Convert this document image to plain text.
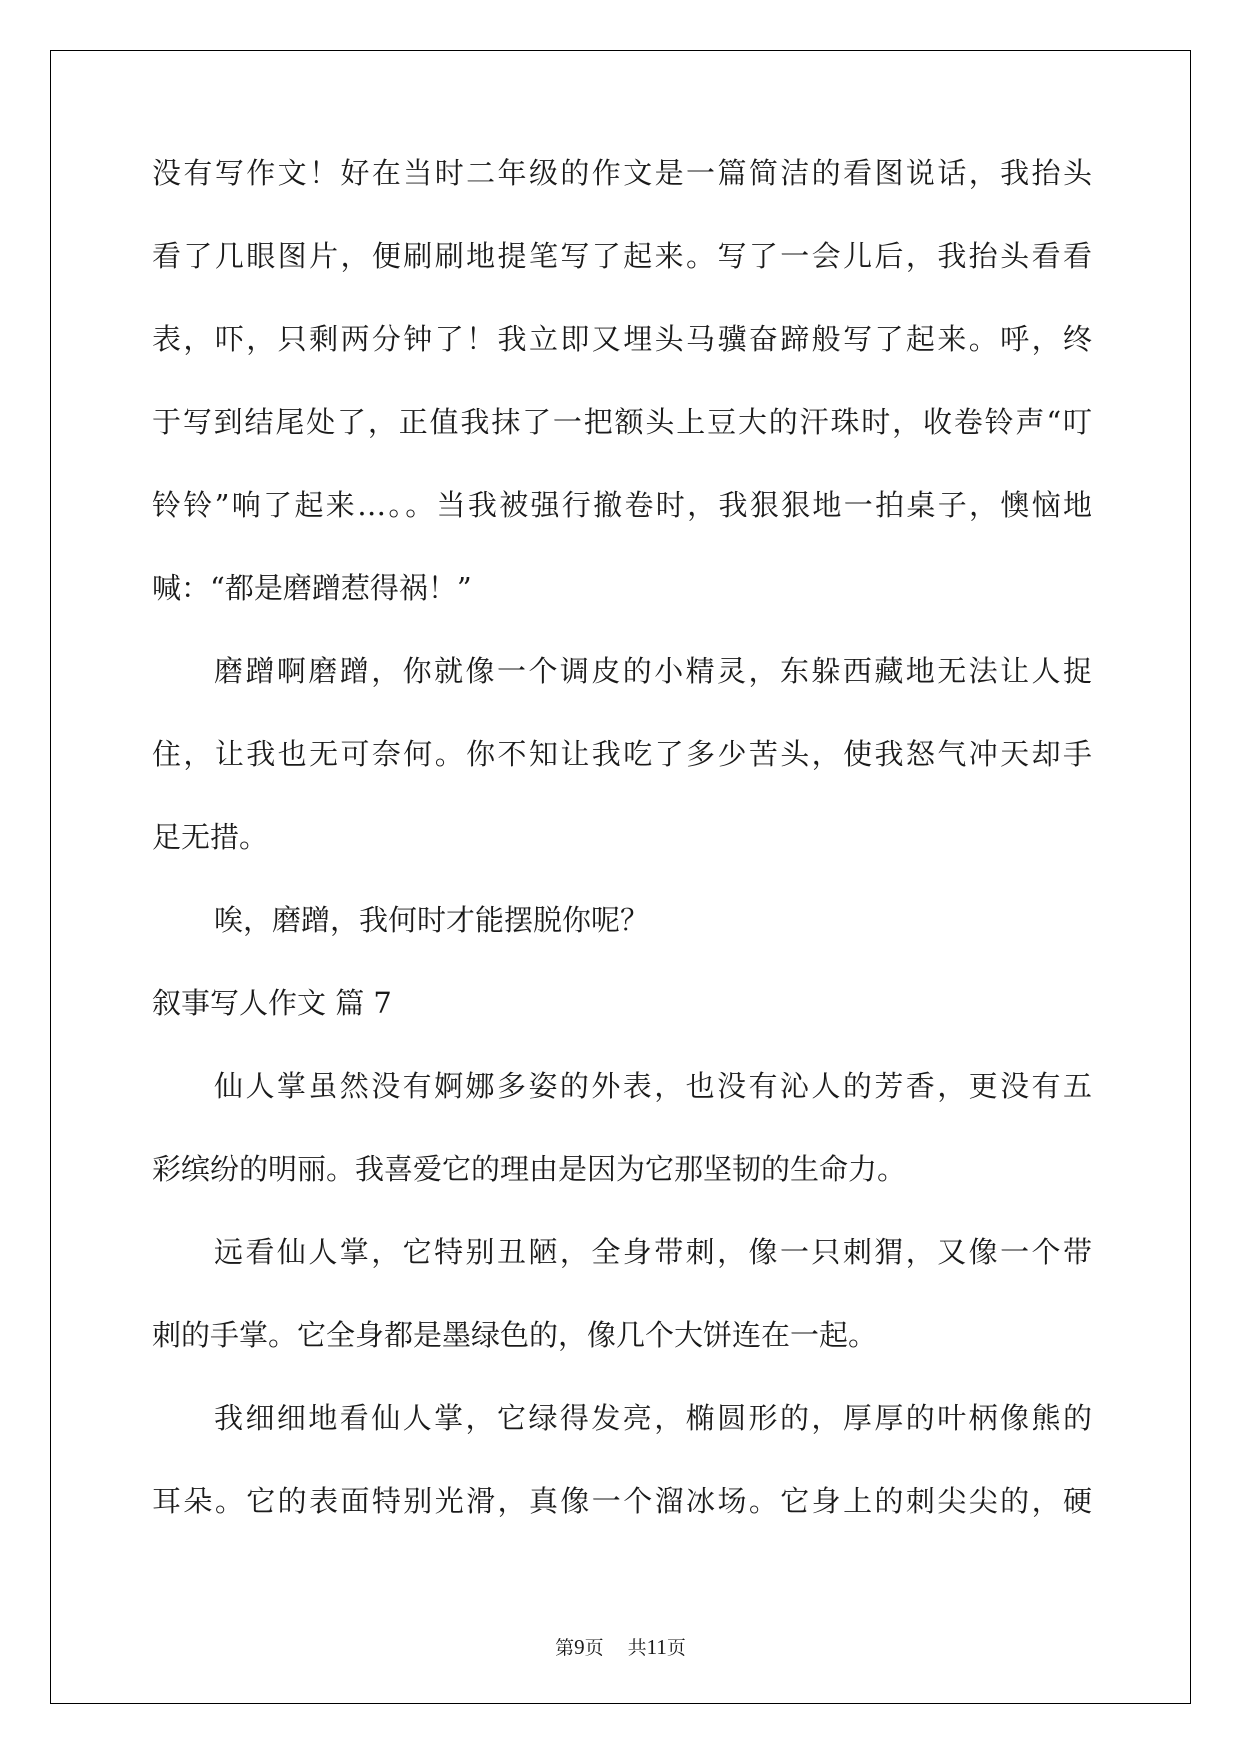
没有写作文！好在当时二年级的作文是一篇简洁的看图说话，我抬头
看了几眼图片，便刷刷地提笔写了起来。写了一会儿后，我抬头看看
表，吓，只剩两分钟了！我立即又埋头马骥奋蹄般写了起来。呼，终
于写到结尾处了，正值我抹了一把额头上豆大的汗珠时，收卷铃声“叮
铃铃”响了起来…。。当我被强行撤卷时，我狠狠地一拍桌子，懊恼地
喊：“都是磨蹭惹得祸！”
磨蹭啊磨蹭，你就像一个调皮的小精灵，东躲西藏地无法让人捉
住，让我也无可奈何。你不知让我吃了多少苦头，使我怒气冲天却手
足无措。
唉，磨蹭，我何时才能摆脱你呢？
叙事写人作文 篇 7
仙人掌虽然没有婀娜多姿的外表，也没有沁人的芳香，更没有五
彩缤纷的明丽。我喜爱它的理由是因为它那坚韧的生命力。
远看仙人掌，它特别丑陋，全身带刺，像一只刺猬，又像一个带
刺的手掌。它全身都是墨绿色的，像几个大饼连在一起。
我细细地看仙人掌，它绿得发亮，椭圆形的，厚厚的叶柄像熊的
耳朵。它的表面特别光滑，真像一个溜冰场。它身上的刺尖尖的，硬
第9页 共11页
